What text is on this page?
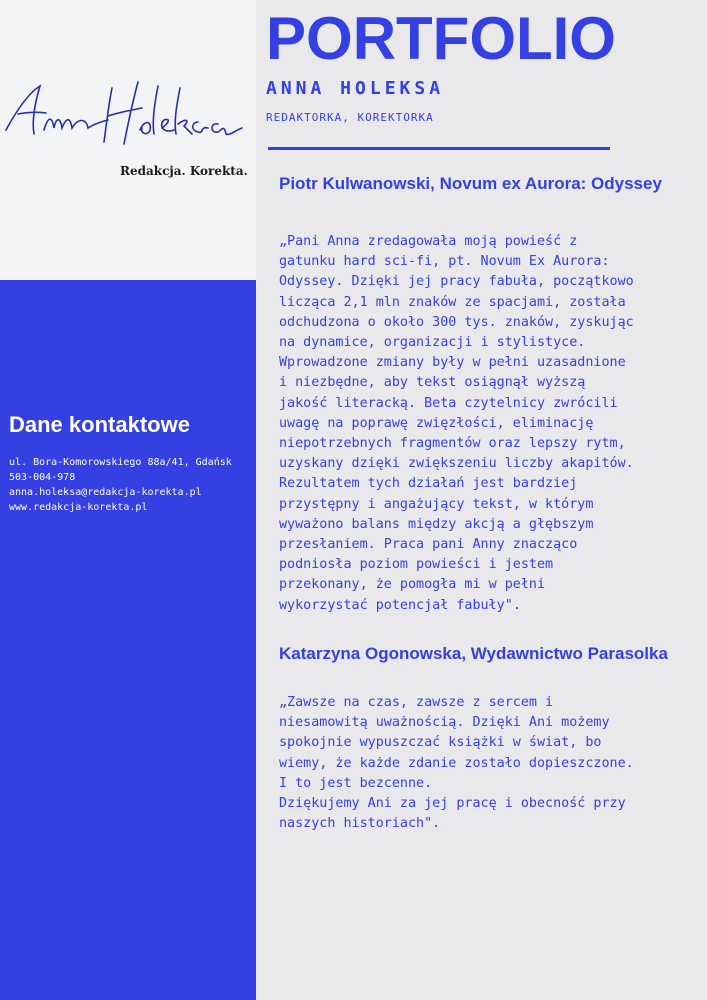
AnnaHoleksa
Redakcja. Korekta.
PORTFOLIO
ANNA HOLEKSA
REDAKTORKA, KOREKTORKA
Dane kontaktowe
ul. Bora-Komorowskiego 88a/41, Gdańsk
503-004-978
anna.holeksa@redakcja-korekta.pl
www.redakcja-korekta.pl
Piotr Kulwanowski, Novum ex Aurora: Odyssey
„Pani Anna zredagowała moją powieść z
gatunku hard sci-fi, pt. Novum Ex Aurora:
Odyssey. Dzięki jej pracy fabuła, początkowo
licząca 2,1 mln znaków ze spacjami, została
odchudzona o około 300 tys. znaków, zyskując
na dynamice, organizacji i stylistyce.
Wprowadzone zmiany były w pełni uzasadnione
i niezbędne, aby tekst osiągnął wyższą
jakość literacką. Beta czytelnicy zwrócili
uwagę na poprawę zwięzłości, eliminację
niepotrzebnych fragmentów oraz lepszy rytm,
uzyskany dzięki zwiększeniu liczby akapitów.
Rezultatem tych działań jest bardziej
przystępny i angażujący tekst, w którym
wyważono balans między akcją a głębszym
przesłaniem. Praca pani Anny znacząco
podniosła poziom powieści i jestem
przekonany, że pomogła mi w pełni
wykorzystać potencjał fabuły".
Katarzyna Ogonowska, Wydawnictwo Parasolka
„Zawsze na czas, zawsze z sercem i
niesamowitą uważnością. Dzięki Ani możemy
spokojnie wypuszczać książki w świat, bo
wiemy, że każde zdanie zostało dopieszczone.
I to jest bezcenne.
Dziękujemy Ani za jej pracę i obecność przy
naszych historiach".
